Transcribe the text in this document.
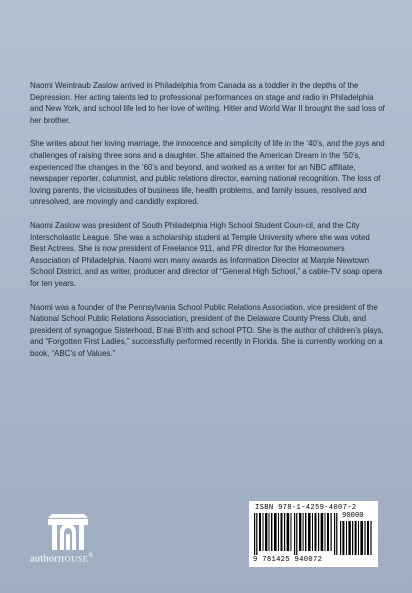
Naomi Weintraub Zaslow arrived in Philadelphia from Canada as a toddler in the depths of the Depression. Her acting talents led to professional performances on stage and radio in Philadelphia and New York, and school life led to her love of writing. Hitler and World War II brought the sad loss of her brother.

She writes about her loving marriage, the innocence and simplicity of life in the ‘40’s, and the joys and challenges of raising three sons and a daughter. She attained the American Dream in the ‘50’s, experienced the changes in the ‘60’s and beyond, and worked as a writer for an NBC affiliate, newspaper reporter, columnist, and public relations director, earning national recognition. The loss of loving parents, the vicissitudes of business life, health problems, and family issues, resolved and unresolved, are movingly and candidly explored.

Naomi Zaslow was president of South Philadelphia High School Student Coun-cil, and the City Interscholastic League. She was a scholarship student at Temple University where she was voted Best Actress. She is now president of Freelance 911, and PR director for the Homeowners Association of Philadelphia. Naomi won many awards as Information Director at Marple Newtown School District, and as writer, producer and director of “General High School,” a cable-TV soap opera for ten years.

Naomi was a founder of the Pennsylvania School Public Relations Association, vice president of the National School Public Relations Association, president of the Delaware County Press Club, and president of synagogue Sisterhood, B’nai B’rith and school PTO. She is the author of children’s plays, and “Forgotten First Ladies,” successfully performed recently in Florida. She is currently working on a book, “ABC’s of Values.”

authorHOUSE®
ISBN 978-1-4259-4007-2
90000
9 781425 940072
